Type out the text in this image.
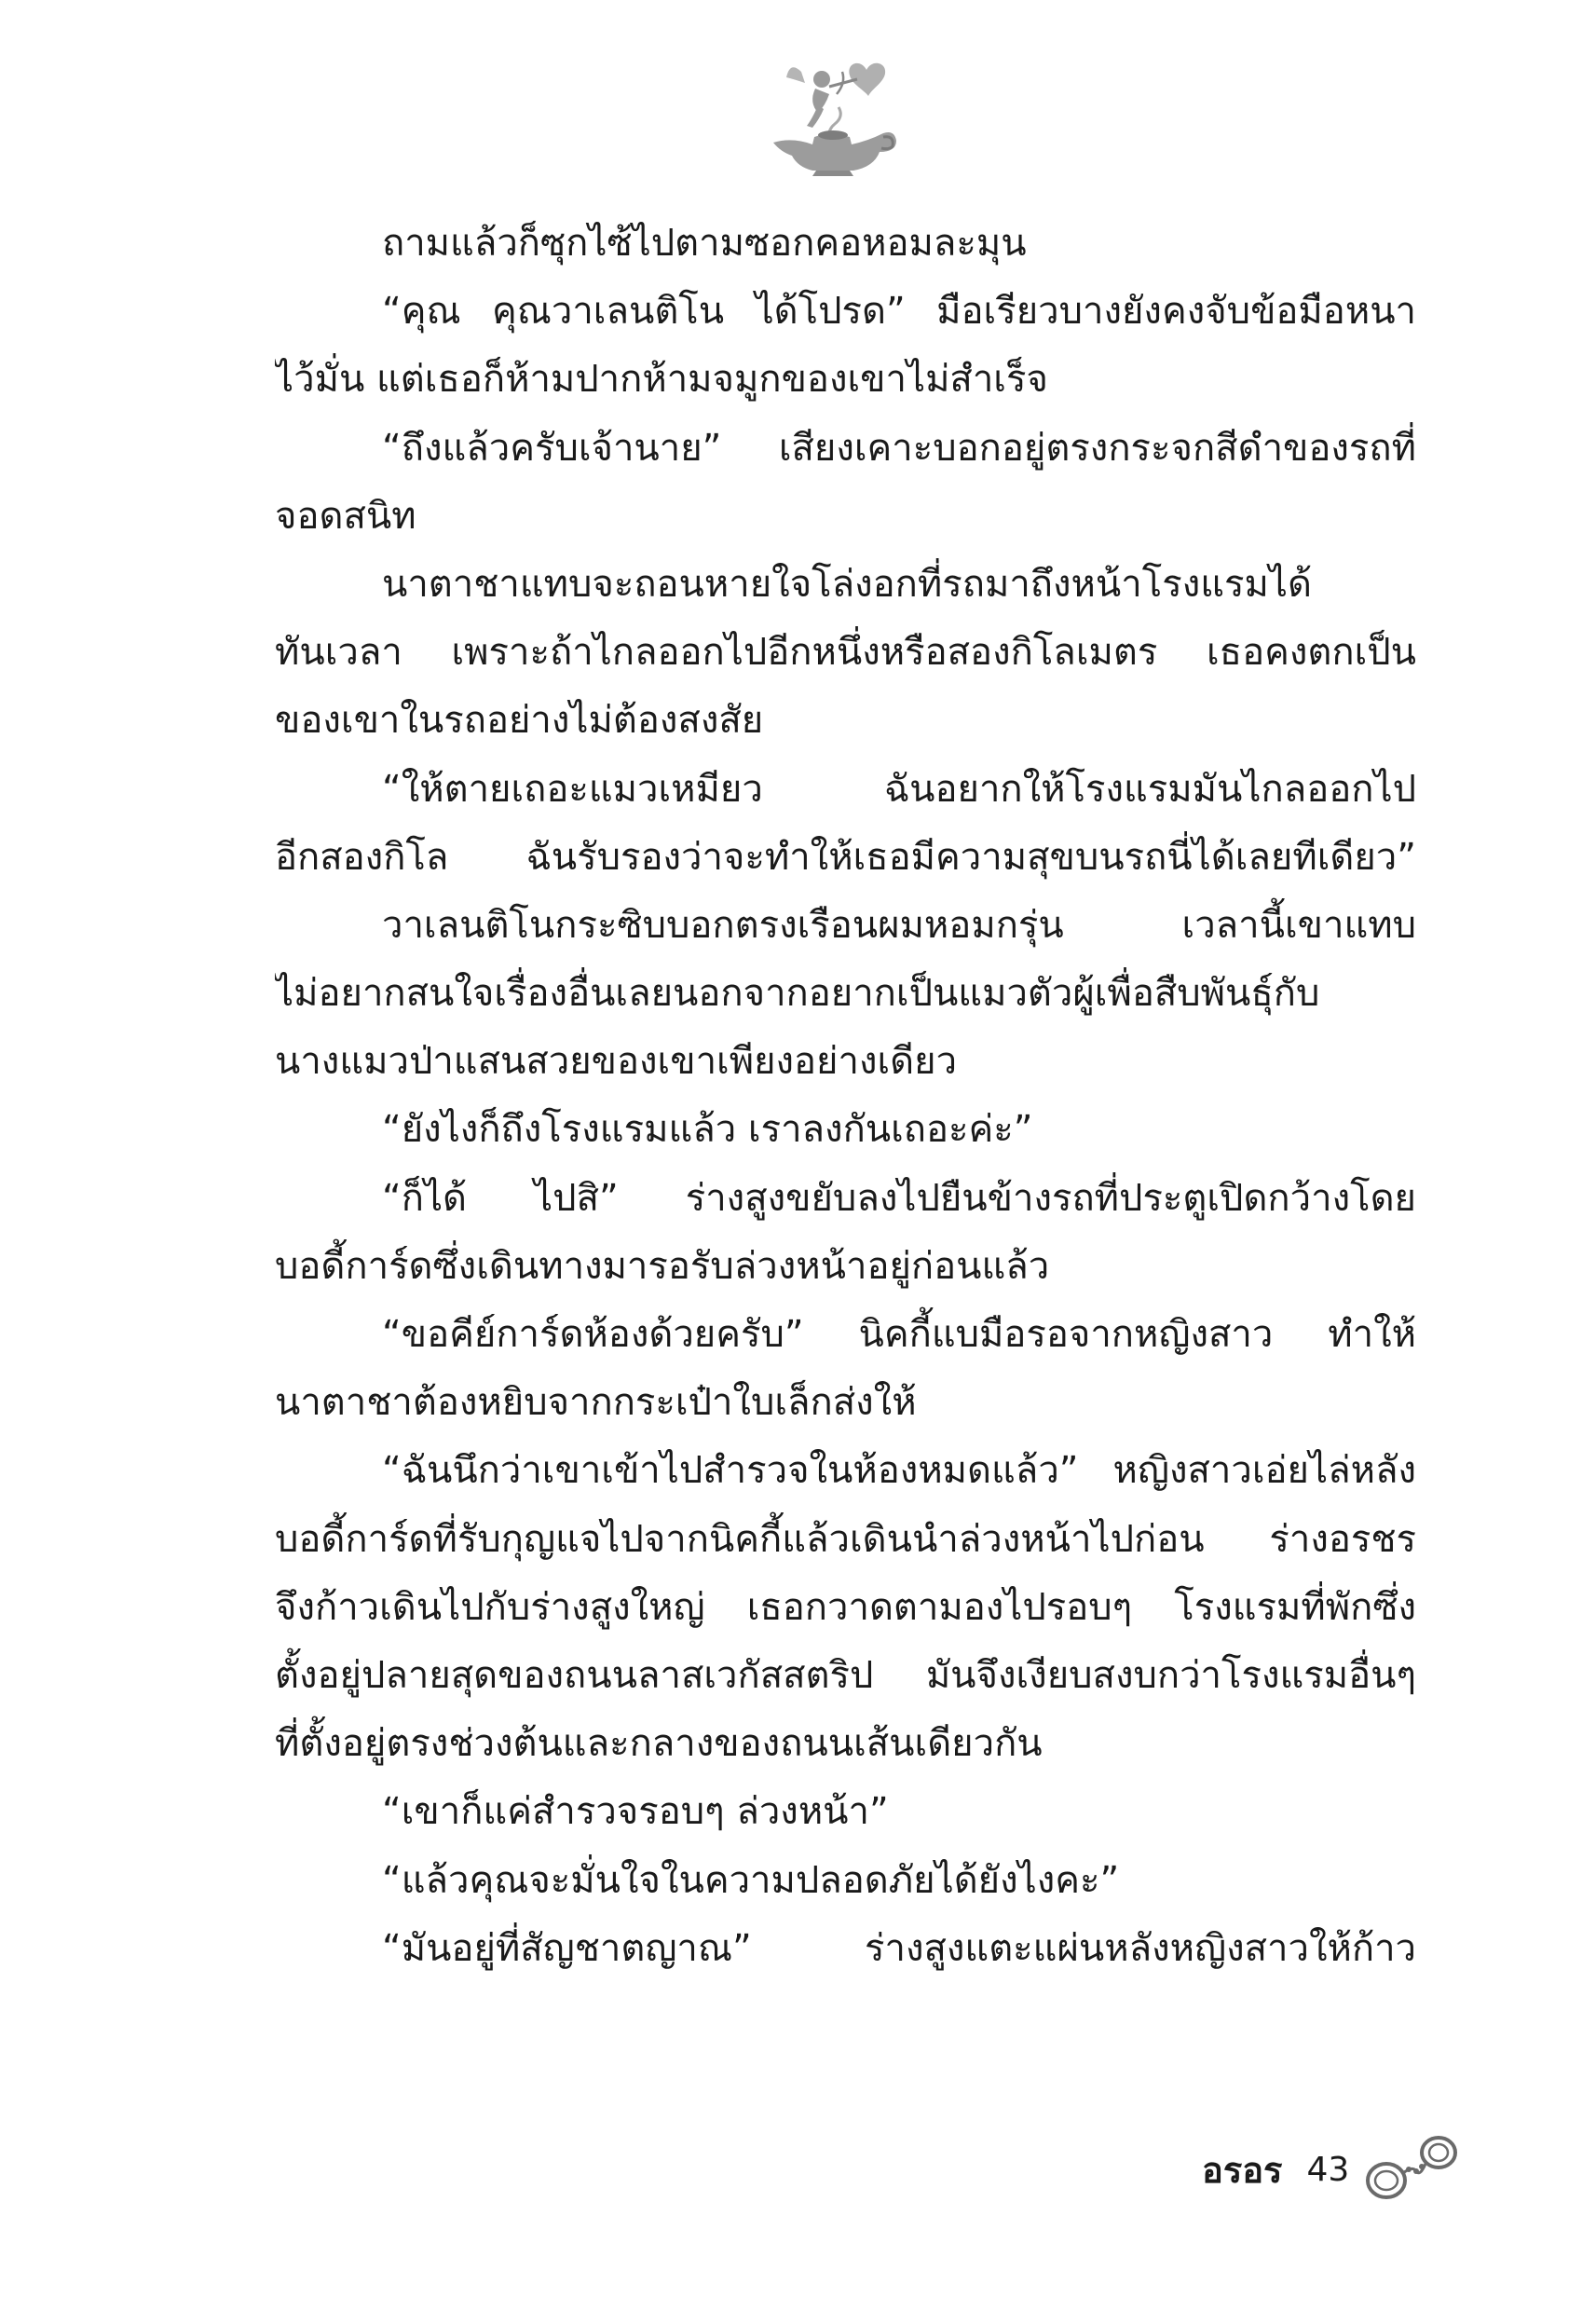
ถามแล้วก็ซุกไซ้ไปตามซอกคอหอมละมุน
“คุณ คุณวาเลนติโน ได้โปรด” มือเรียวบางยังคงจับข้อมือหนา
ไว้มั่น แต่เธอก็ห้ามปากห้ามจมูกของเขาไม่สำเร็จ
“ถึงแล้วครับเจ้านาย” เสียงเคาะบอกอยู่ตรงกระจกสีดำของรถที่
จอดสนิท
นาตาชาแทบจะถอนหายใจโล่งอกที่รถมาถึงหน้าโรงแรมได้
ทันเวลา เพราะถ้าไกลออกไปอีกหนึ่งหรือสองกิโลเมตร เธอคงตกเป็น
ของเขาในรถอย่างไม่ต้องสงสัย
“ให้ตายเถอะแมวเหมียว ฉันอยากให้โรงแรมมันไกลออกไป
อีกสองกิโล ฉันรับรองว่าจะทำให้เธอมีความสุขบนรถนี่ได้เลยทีเดียว”
วาเลนติโนกระซิบบอกตรงเรือนผมหอมกรุ่น เวลานี้เขาแทบ
ไม่อยากสนใจเรื่องอื่นเลยนอกจากอยากเป็นแมวตัวผู้เพื่อสืบพันธุ์กับ
นางแมวป่าแสนสวยของเขาเพียงอย่างเดียว
“ยังไงก็ถึงโรงแรมแล้ว เราลงกันเถอะค่ะ”
“ก็ได้ ไปสิ” ร่างสูงขยับลงไปยืนข้างรถที่ประตูเปิดกว้างโดย
บอดี้การ์ดซึ่งเดินทางมารอรับล่วงหน้าอยู่ก่อนแล้ว
“ขอคีย์การ์ดห้องด้วยครับ” นิคกี้แบมือรอจากหญิงสาว ทำให้
นาตาชาต้องหยิบจากกระเป๋าใบเล็กส่งให้
“ฉันนึกว่าเขาเข้าไปสำรวจในห้องหมดแล้ว” หญิงสาวเอ่ยไล่หลัง
บอดี้การ์ดที่รับกุญแจไปจากนิคกี้แล้วเดินนำล่วงหน้าไปก่อน ร่างอรชร
จึงก้าวเดินไปกับร่างสูงใหญ่ เธอกวาดตามองไปรอบๆ โรงแรมที่พักซึ่ง
ตั้งอยู่ปลายสุดของถนนลาสเวกัสสตริป มันจึงเงียบสงบกว่าโรงแรมอื่นๆ
ที่ตั้งอยู่ตรงช่วงต้นและกลางของถนนเส้นเดียวกัน
“เขาก็แค่สำรวจรอบๆ ล่วงหน้า”
“แล้วคุณจะมั่นใจในความปลอดภัยได้ยังไงคะ”
“มันอยู่ที่สัญชาตญาณ” ร่างสูงแตะแผ่นหลังหญิงสาวให้ก้าว
อรอร 43
